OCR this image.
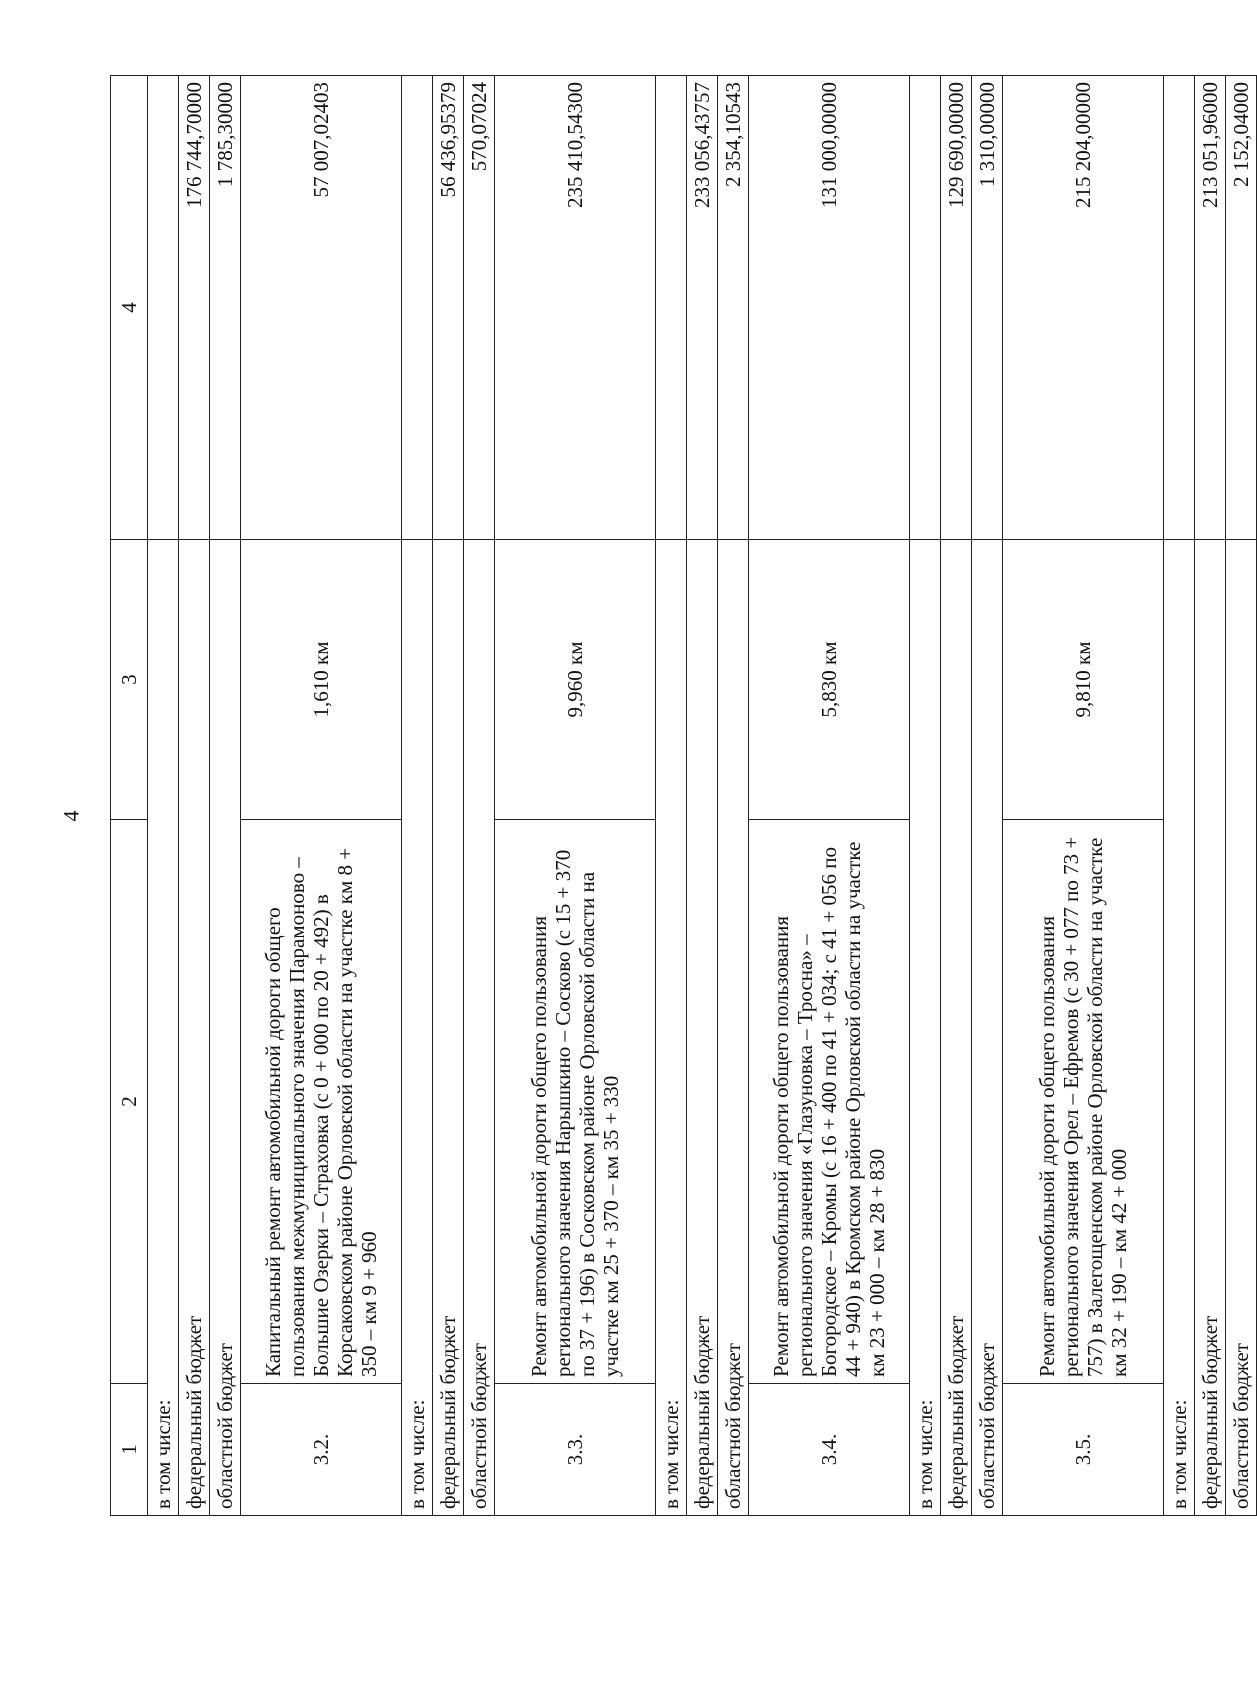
4
1	2	3	4
в том числе:			
федеральный бюджет			176 744,70000
областной бюджет			1 785,30000
3.2.	Капитальный ремонт автомобильной дороги общего пользования межмуниципального значения Парамоново – Большие Озерки – Страховка (с 0 + 000 по 20 + 492) в Корсаковском районе Орловской области на участке км 8 + 350 – км 9 + 960	1,610 км	57 007,02403
в том числе:			
федеральный бюджет			56 436,95379
областной бюджет			570,07024
3.3.	Ремонт автомобильной дороги общего пользования регионального значения Нарышкино – Сосково (с 15 + 370 по 37 + 196) в Сосковском районе Орловской области на участке км 25 + 370 – км 35 + 330	9,960 км	235 410,54300
в том числе:			
федеральный бюджет			233 056,43757
областной бюджет			2 354,10543
3.4.	Ремонт автомобильной дороги общего пользования регионального значения «Глазуновка – Тросна» – Богородское – Кромы (с 16 + 400 по 41 + 034; с 41 + 056 по 44 + 940) в Кромском районе Орловской области на участке км 23 + 000 – км 28 + 830	5,830 км	131 000,00000
в том числе:			
федеральный бюджет			129 690,00000
областной бюджет			1 310,00000
3.5.	Ремонт автомобильной дороги общего пользования регионального значения Орел – Ефремов (с 30 + 077 по 73 + 757) в Залегощенском районе Орловской области на участке км 32 + 190 – км 42 + 000	9,810 км	215 204,00000
в том числе:			
федеральный бюджет			213 051,96000
областной бюджет			2 152,04000
